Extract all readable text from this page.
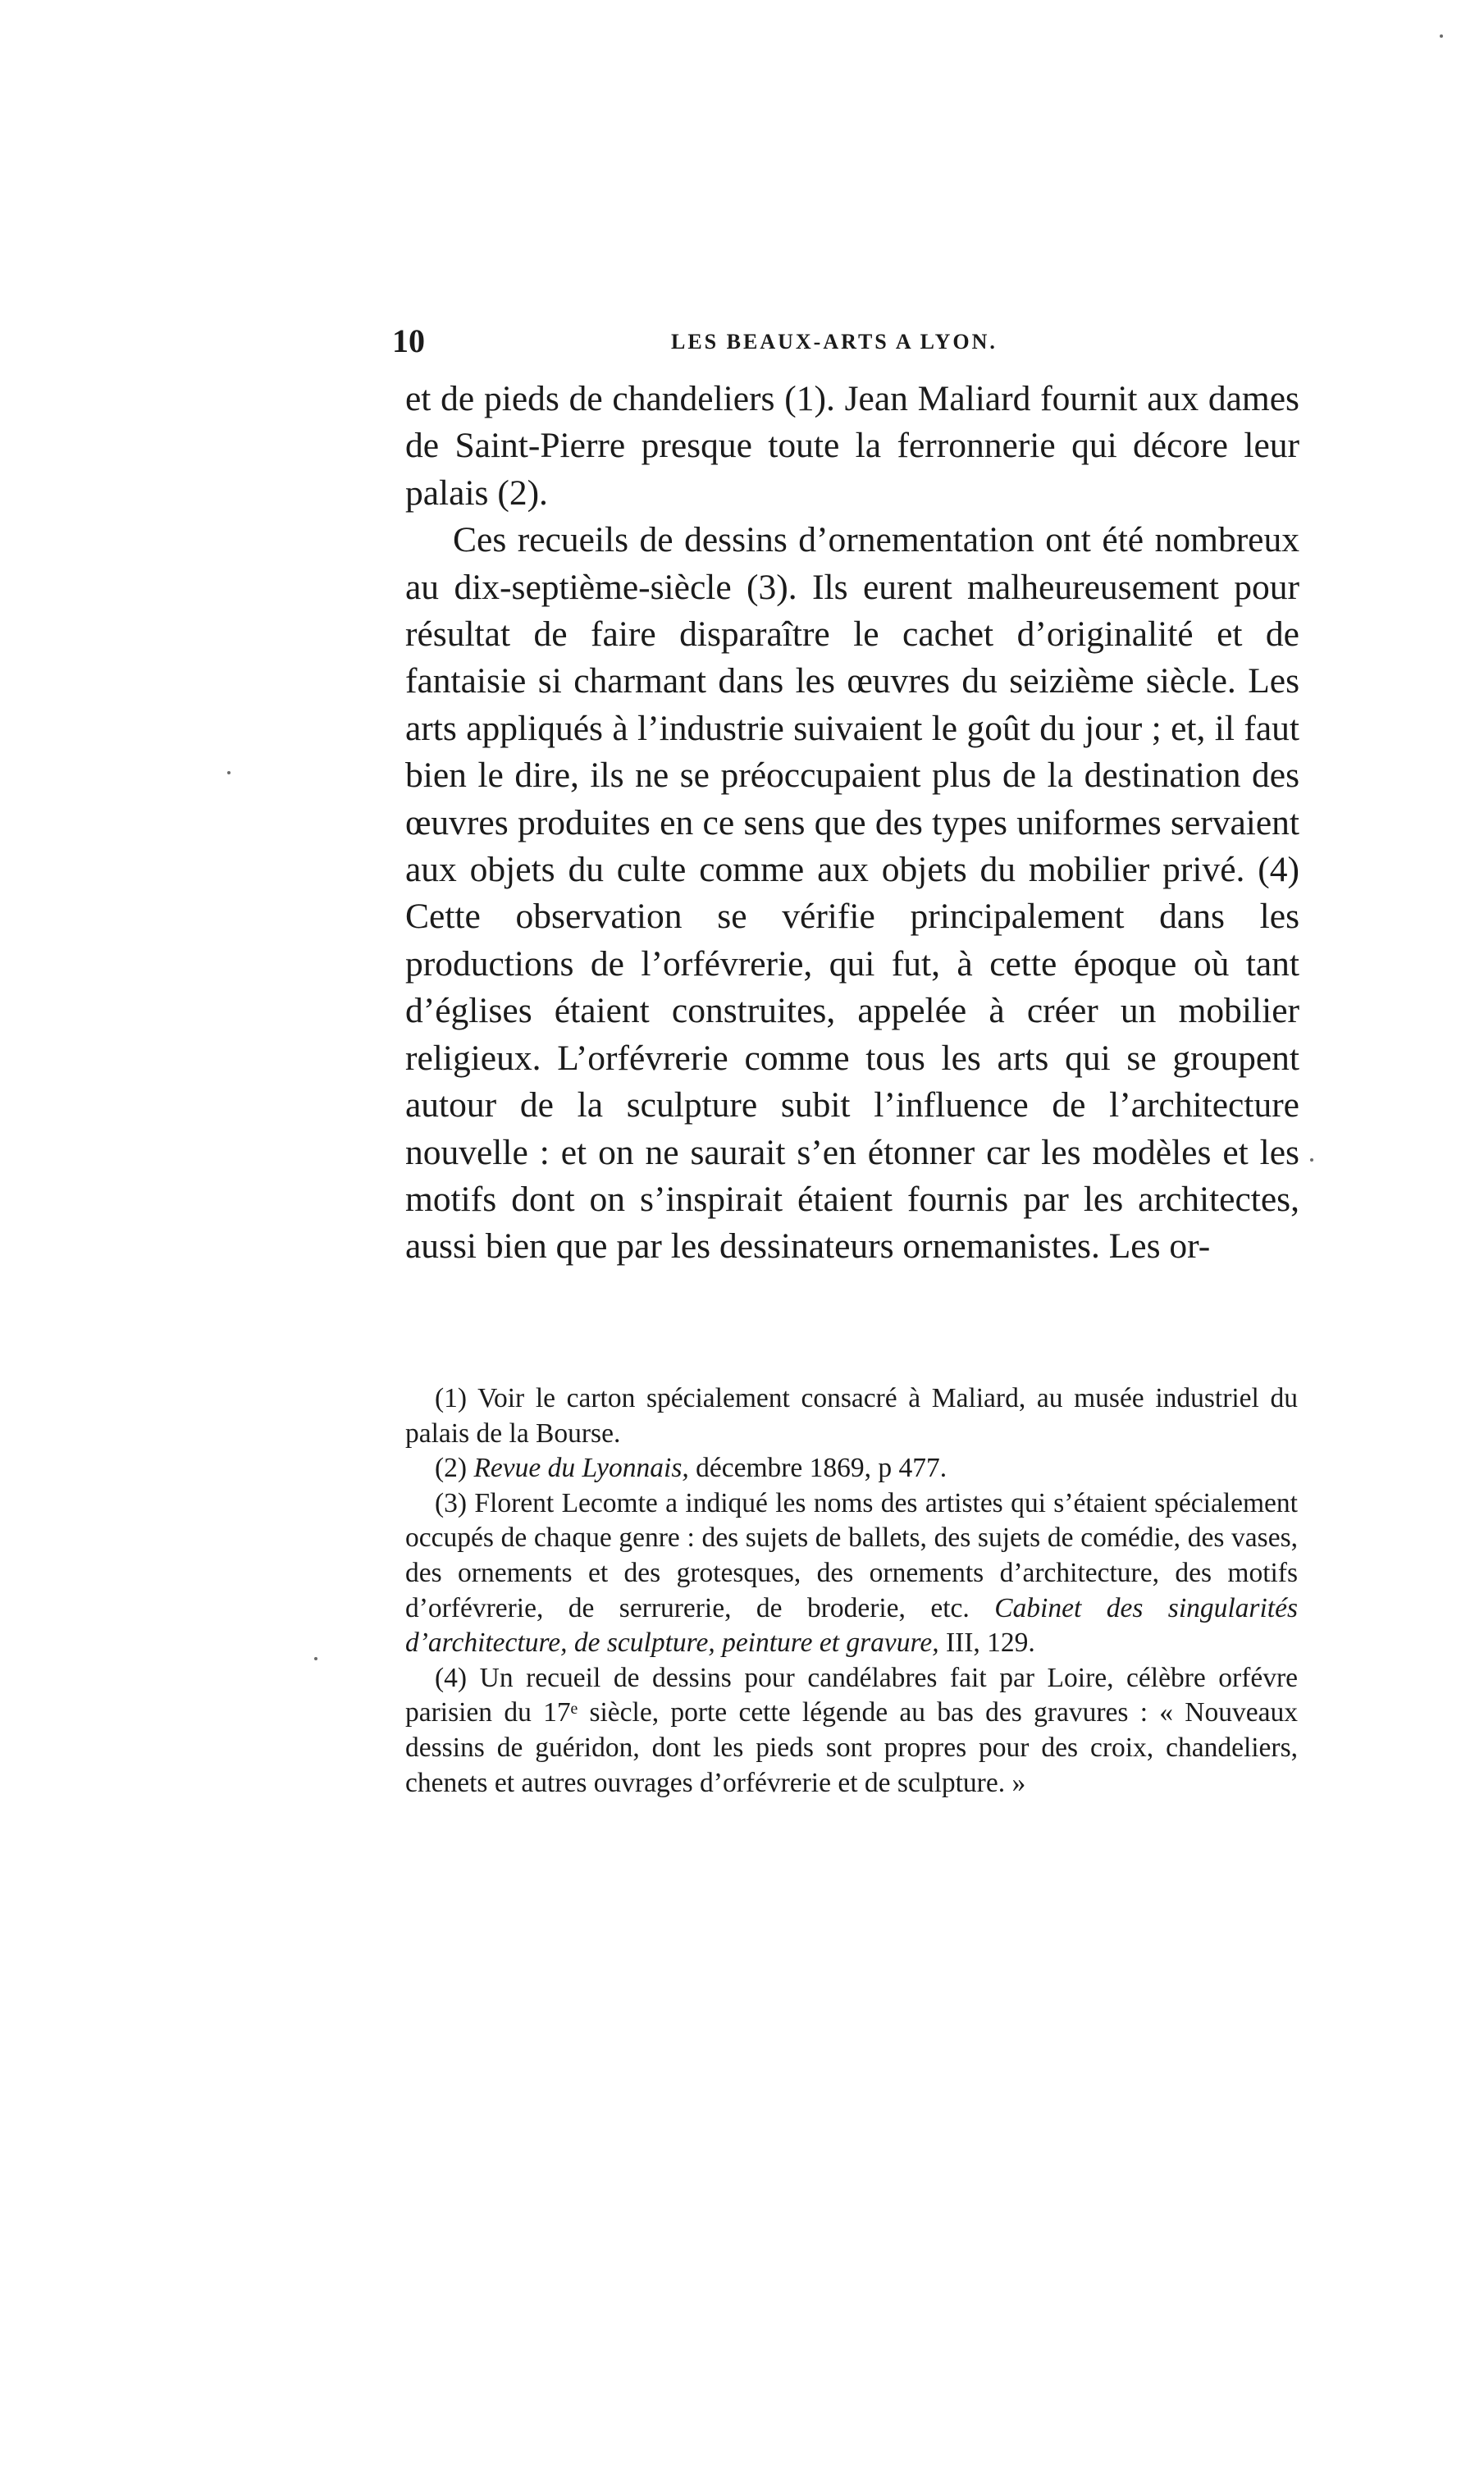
10	LES BEAUX-ARTS A LYON.

et de pieds de chandeliers (1). Jean Maliard fournit aux dames de Saint-Pierre presque toute la ferronnerie qui décore leur palais (2).

Ces recueils de dessins d’ornementation ont été nombreux au dix-septième-siècle (3). Ils eurent malheureusement pour résultat de faire disparaître le cachet d’originalité et de fantaisie si charmant dans les œuvres du seizième siècle. Les arts appliqués à l’industrie suivaient le goût du jour ; et, il faut bien le dire, ils ne se préoccupaient plus de la destination des œuvres produites en ce sens que des types uniformes servaient aux objets du culte comme aux objets du mobilier privé. (4) Cette observation se vérifie principalement dans les productions de l’orfévrerie, qui fut, à cette époque où tant d’églises étaient construites, appelée à créer un mobilier religieux. L’orfévrerie comme tous les arts qui se groupent autour de la sculpture subit l’influence de l’architecture nouvelle : et on ne saurait s’en étonner car les modèles et les motifs dont on s’inspirait étaient fournis par les architectes, aussi bien que par les dessinateurs ornemanistes. Les or-

(1) Voir le carton spécialement consacré à Maliard, au musée industriel du palais de la Bourse.

(2) Revue du Lyonnais, décembre 1869, p 477.

(3) Florent Lecomte a indiqué les noms des artistes qui s’étaient spécialement occupés de chaque genre : des sujets de ballets, des sujets de comédie, des vases, des ornements et des grotesques, des ornements d’architecture, des motifs d’orfévrerie, de serrurerie, de broderie, etc. Cabinet des singularités d’architecture, de sculpture, peinture et gravure, III, 129.

(4) Un recueil de dessins pour candélabres fait par Loire, célèbre orfévre parisien du 17ᵉ siècle, porte cette légende au bas des gravures : « Nouveaux dessins de guéridon, dont les pieds sont propres pour des croix, chandeliers, chenets et autres ouvrages d’orfévrerie et de sculpture. »
